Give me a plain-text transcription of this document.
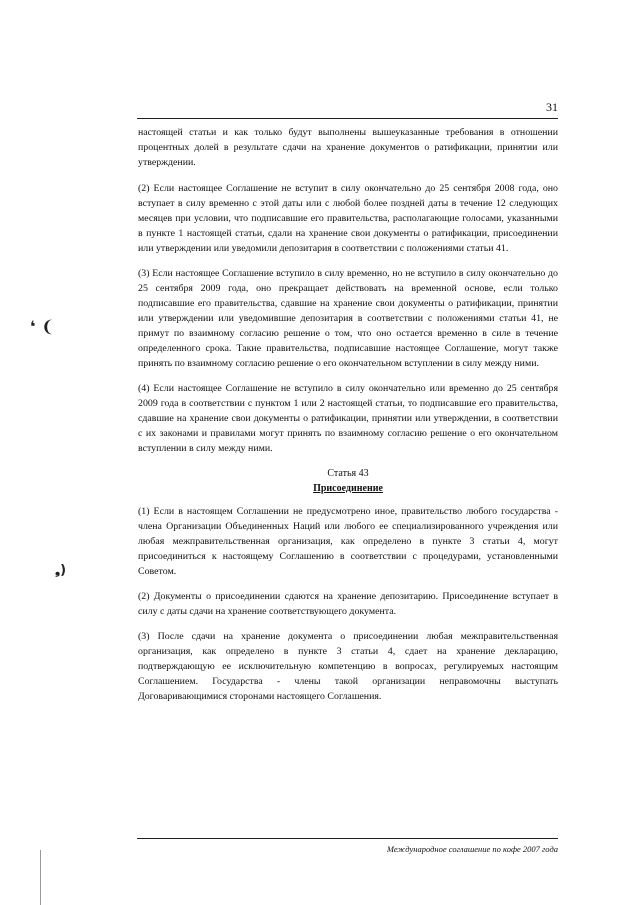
31

настоящей статьи и как только будут выполнены вышеуказанные требования в отношении процентных долей в результате сдачи на хранение документов о ратификации, принятии или утверждении.

(2) Если настоящее Соглашение не вступит в силу окончательно до 25 сентября 2008 года, оно вступает в силу временно с этой даты или с любой более поздней даты в течение 12 следующих месяцев при условии, что подписавшие его правительства, располагающие голосами, указанными в пункте 1 настоящей статьи, сдали на хранение свои документы о ратификации, присоединении или утверждении или уведомили депозитария в соответствии с положениями статьи 41.

(3) Если настоящее Соглашение вступило в силу временно, но не вступило в силу окончательно до 25 сентября 2009 года, оно прекращает действовать на временной основе, если только подписавшие его правительства, сдавшие на хранение свои документы о ратификации, принятии или утверждении или уведомившие депозитария в соответствии с положениями статьи 41, не примут по взаимному согласию решение о том, что оно остается временно в силе в течение определенного срока. Такие правительства, подписавшие настоящее Соглашение, могут также принять по взаимному согласию решение о его окончательном вступлении в силу между ними.

(4) Если настоящее Соглашение не вступило в силу окончательно или временно до 25 сентября 2009 года в соответствии с пунктом 1 или 2 настоящей статьи, то подписавшие его правительства, сдавшие на хранение свои документы о ратификации, принятии или утверждении, в соответствии с их законами и правилами могут принять по взаимному согласию решение о его окончательном вступлении в силу между ними.

Статья 43
Присоединение

(1) Если в настоящем Соглашении не предусмотрено иное, правительство любого государства - члена Организации Объединенных Наций или любого ее специализированного учреждения или любая межправительственная организация, как определено в пункте 3 статьи 4, могут присоединиться к настоящему Соглашению в соответствии с процедурами, установленными Советом.

(2) Документы о присоединении сдаются на хранение депозитарию. Присоединение вступает в силу с даты сдачи на хранение соответствующего документа.

(3) После сдачи на хранение документа о присоединении любая межправительственная организация, как определено в пункте 3 статьи 4, сдает на хранение декларацию, подтверждающую ее исключительную компетенцию в вопросах, регулируемых настоящим Соглашением. Государства - члены такой организации неправомочны выступать Договаривающимися сторонами настоящего Соглашения.

Международное соглашение по кофе 2007 года
❛ ❨
❟)
